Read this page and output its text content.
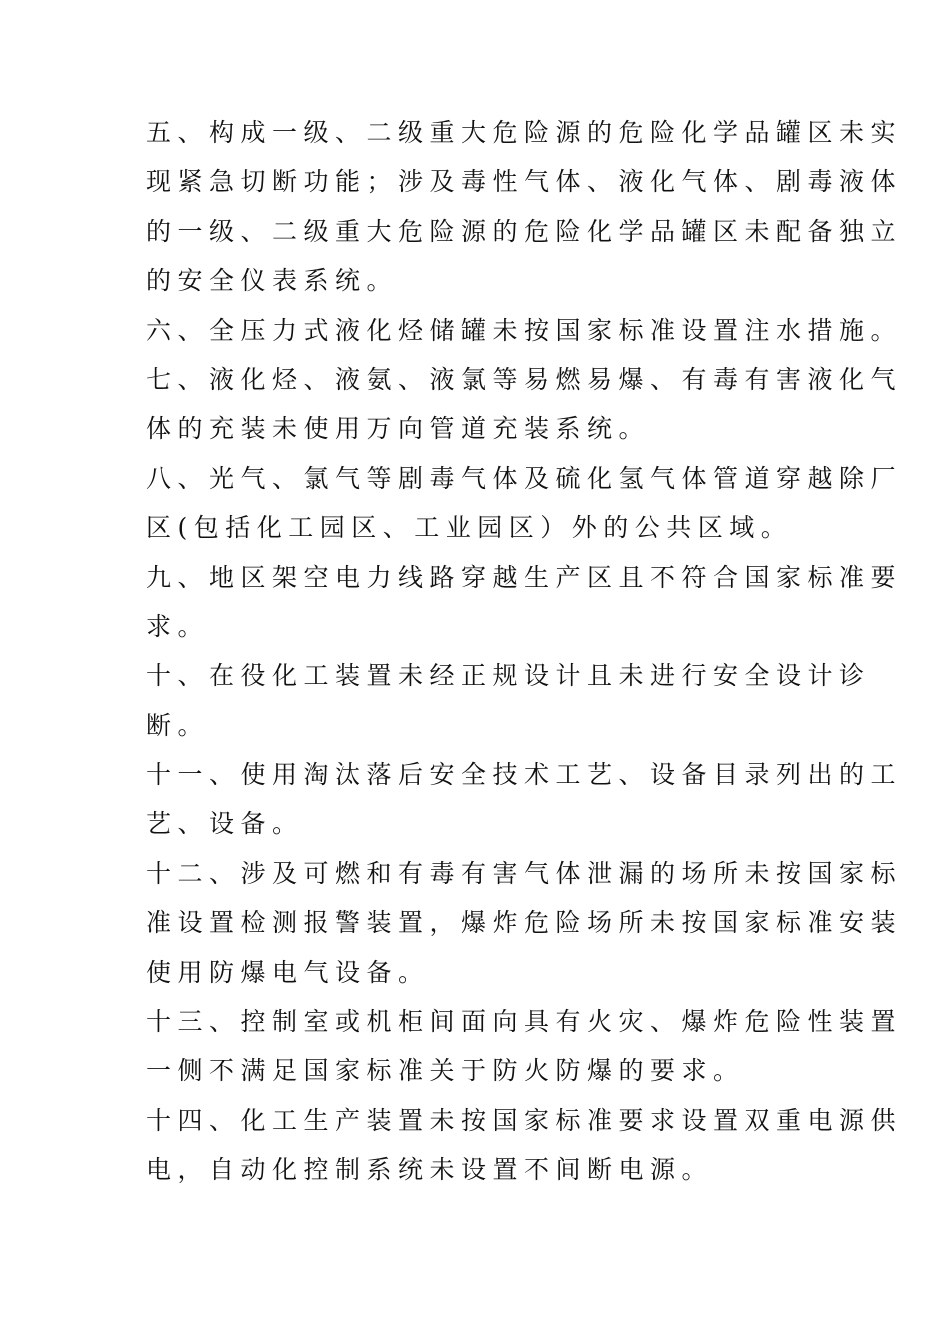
五、构成一级、二级重大危险源的危险化学品罐区未实

现紧急切断功能；涉及毒性气体、液化气体、剧毒液体

的一级、二级重大危险源的危险化学品罐区未配备独立

的安全仪表系统。

六、全压力式液化烃储罐未按国家标准设置注水措施。

七、液化烃、液氨、液氯等易燃易爆、有毒有害液化气

体的充装未使用万向管道充装系统。

八、光气、氯气等剧毒气体及硫化氢气体管道穿越除厂

区(包括化工园区、工业园区）外的公共区域。

九、地区架空电力线路穿越生产区且不符合国家标准要

求。

十、在役化工装置未经正规设计且未进行安全设计诊

断。

十一、使用淘汰落后安全技术工艺、设备目录列出的工

艺、设备。

十二、涉及可燃和有毒有害气体泄漏的场所未按国家标

准设置检测报警装置，爆炸危险场所未按国家标准安装

使用防爆电气设备。

十三、控制室或机柜间面向具有火灾、爆炸危险性装置

一侧不满足国家标准关于防火防爆的要求。

十四、化工生产装置未按国家标准要求设置双重电源供

电，自动化控制系统未设置不间断电源。
